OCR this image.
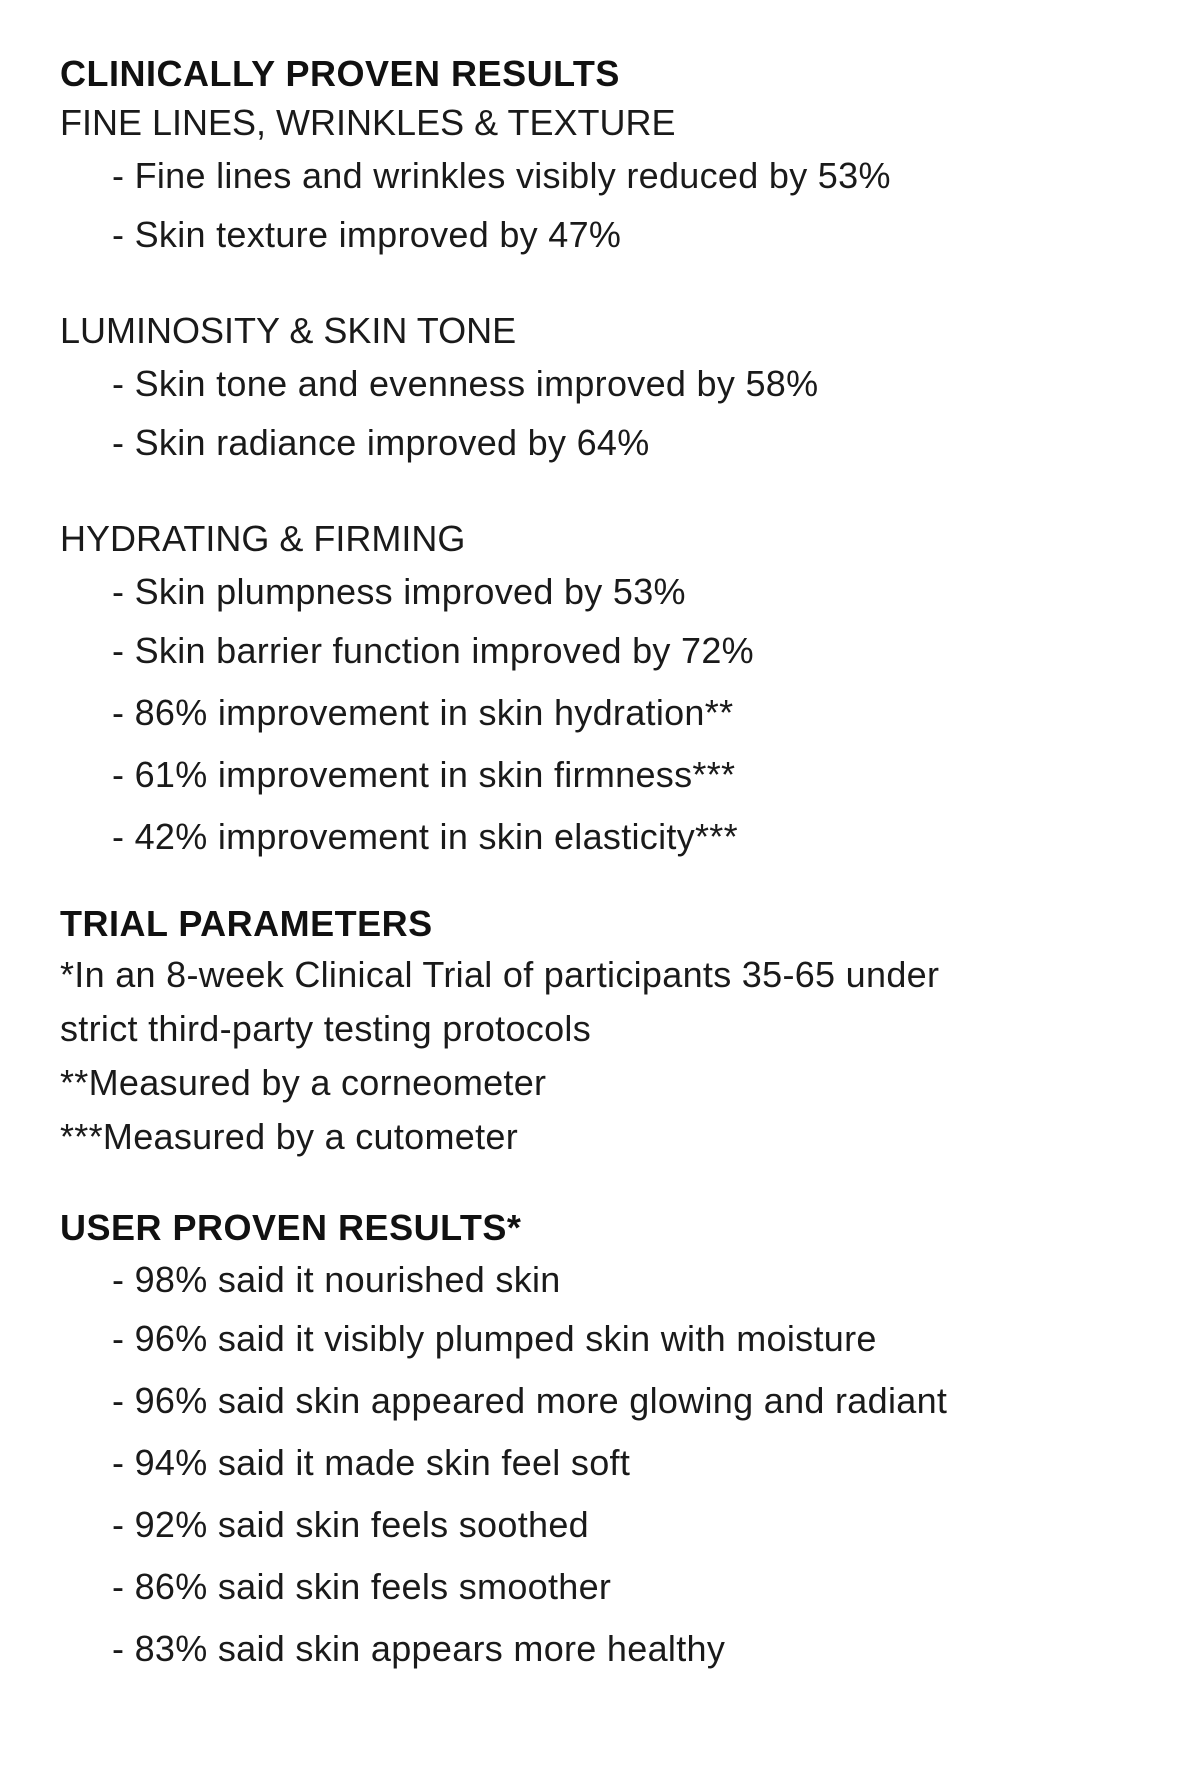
CLINICALLY PROVEN RESULTS
FINE LINES, WRINKLES & TEXTURE
- Fine lines and wrinkles visibly reduced by 53%
- Skin texture improved by 47%
LUMINOSITY & SKIN TONE
- Skin tone and evenness improved by 58%
- Skin radiance improved by 64%
HYDRATING & FIRMING
- Skin plumpness improved by 53%
- Skin barrier function improved by 72%
- 86% improvement in skin hydration**
- 61% improvement in skin firmness***
- 42% improvement in skin elasticity***
TRIAL PARAMETERS

*In an 8-week Clinical Trial of participants 35-65 under

strict third-party testing protocols

**Measured by a corneometer

***Measured by a cutometer

USER PROVEN RESULTS*
- 98% said it nourished skin
- 96% said it visibly plumped skin with moisture
- 96% said skin appeared more glowing and radiant
- 94% said it made skin feel soft
- 92% said skin feels soothed
- 86% said skin feels smoother
- 83% said skin appears more healthy
